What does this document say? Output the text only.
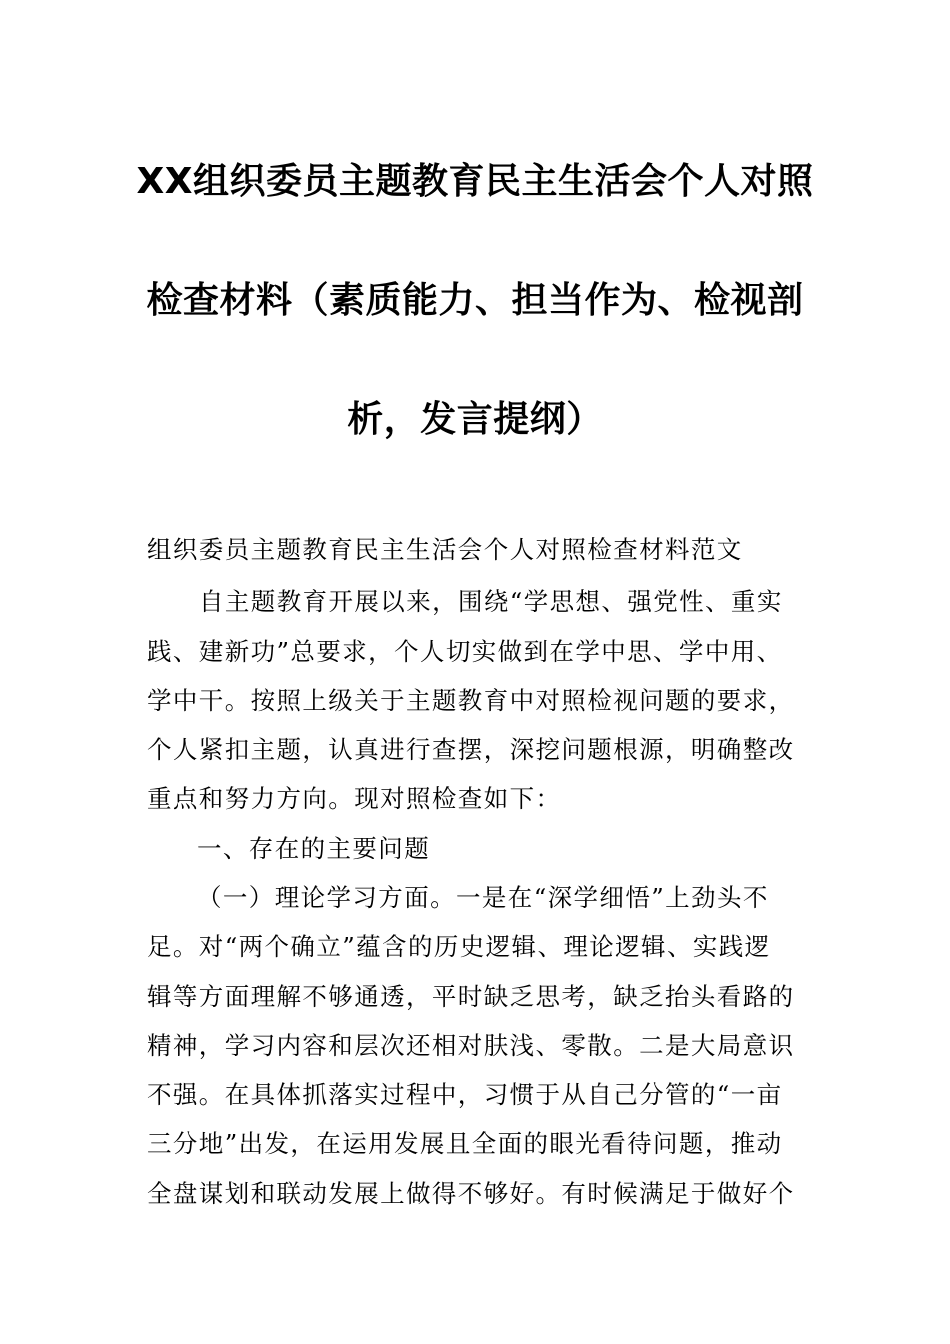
XX组织委员主题教育民主生活会个人对照
检查材料（素质能力、担当作为、检视剖
析，发言提纲）
组织委员主题教育民主生活会个人对照检查材料范文
自主题教育开展以来，围绕“学思想、强党性、重实
践、建新功”总要求，个人切实做到在学中思、学中用、
学中干。按照上级关于主题教育中对照检视问题的要求，
个人紧扣主题，认真进行查摆，深挖问题根源，明确整改
重点和努力方向。现对照检查如下：
一、存在的主要问题
（一）理论学习方面。一是在“深学细悟”上劲头不
足。对“两个确立”蕴含的历史逻辑、理论逻辑、实践逻
辑等方面理解不够通透，平时缺乏思考，缺乏抬头看路的
精神，学习内容和层次还相对肤浅、零散。二是大局意识
不强。在具体抓落实过程中，习惯于从自己分管的“一亩
三分地”出发，在运用发展且全面的眼光看待问题，推动
全盘谋划和联动发展上做得不够好。有时候满足于做好个
